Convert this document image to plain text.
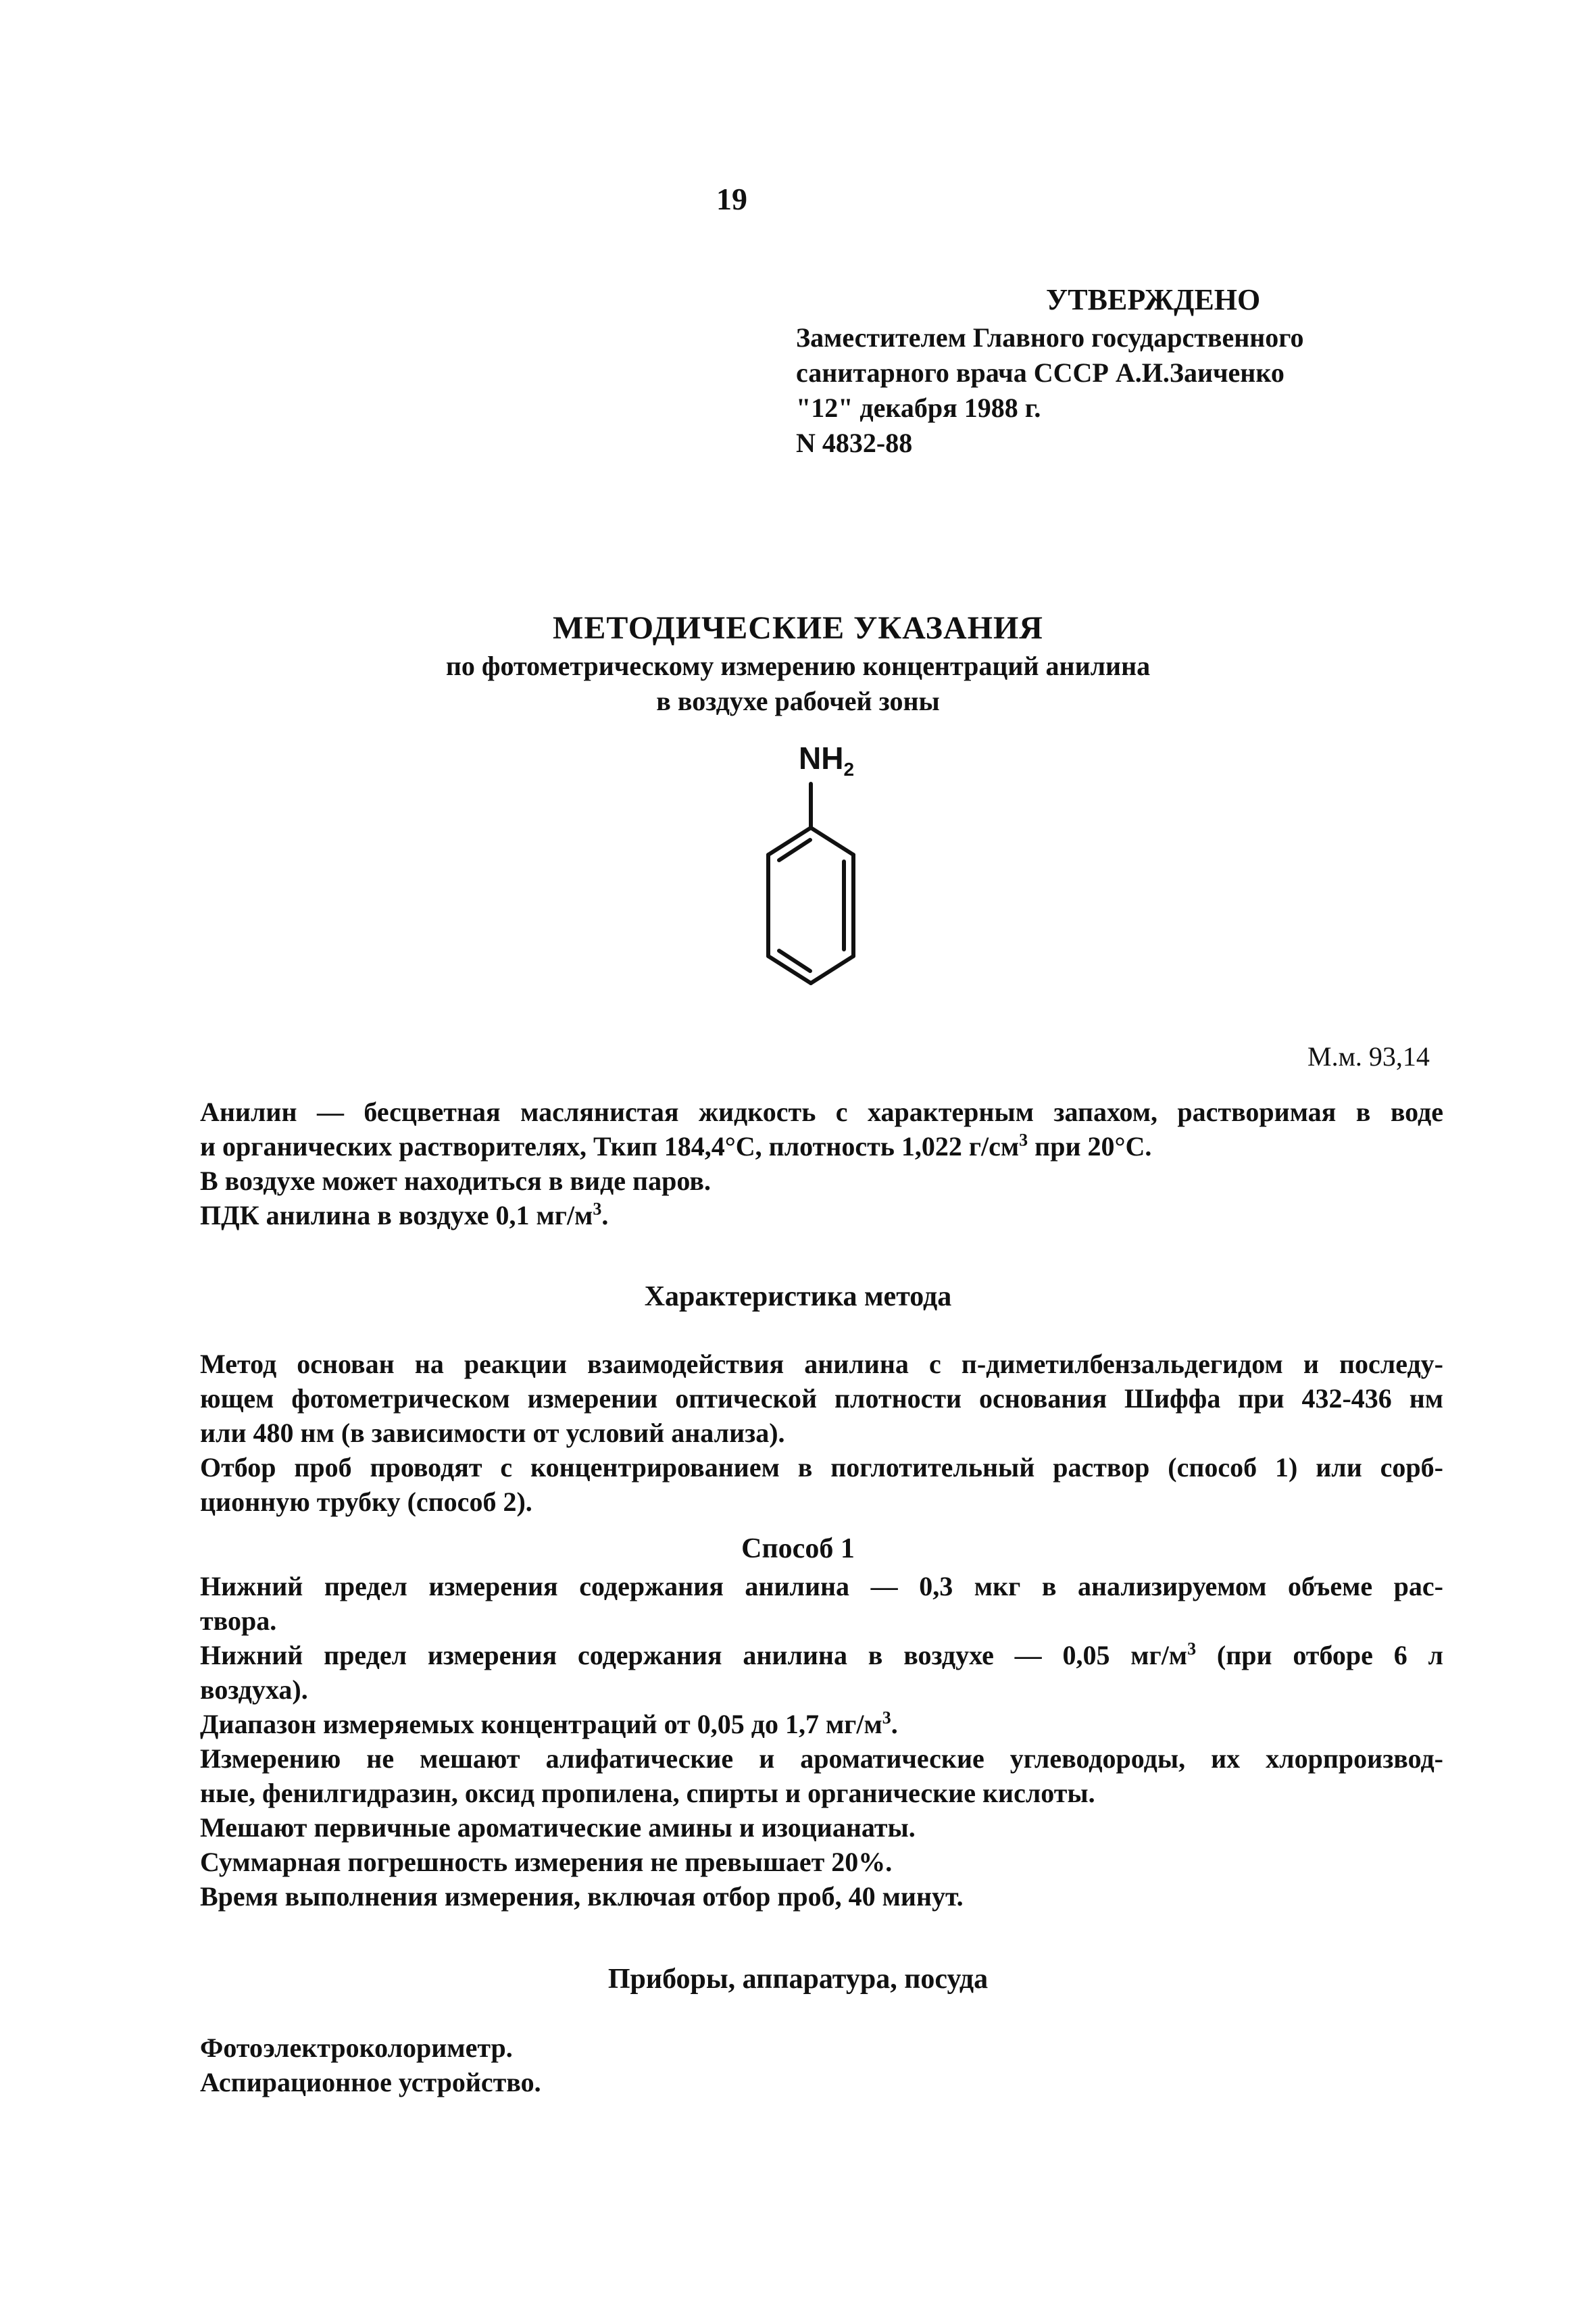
19
УТВЕРЖДЕНО
Заместителем Главного государственного
санитарного врача СССР А.И.Заиченко
"12" декабря 1988 г.
N 4832-88
МЕТОДИЧЕСКИЕ УКАЗАНИЯ
по фотометрическому измерению концентраций анилина
в воздухе рабочей зоны
$NH_2$
М.м. 93,14
Анилин — бесцветная маслянистая жидкость с характерным запахом, растворимая в воде
и органических растворителях, Ткип 184,4°С, плотность 1,022 $г/см^3$ при 20°С.
В воздухе может находиться в виде паров.
ПДК анилина в воздухе 0,1 $мг/м^3$.
Характеристика метода
Метод основан на реакции взаимодействия анилина с п-диметилбензальдегидом и последу-
ющем фотометрическом измерении оптической плотности основания Шиффа при 432-436 нм
или 480 нм (в зависимости от условий анализа).
Отбор проб проводят с концентрированием в поглотительный раствор (способ 1) или сорб-
ционную трубку (способ 2).
Способ 1
Нижний предел измерения содержания анилина — 0,3 мкг в анализируемом объеме рас-
твора.
Нижний предел измерения содержания анилина в воздухе — 0,05 $мг/м^3$ (при отборе 6 л
воздуха).
Диапазон измеряемых концентраций от 0,05 до 1,7 $мг/м^3$.
Измерению не мешают алифатические и ароматические углеводороды, их хлорпроизвод-
ные, фенилгидразин, оксид пропилена, спирты и органические кислоты.
Мешают первичные ароматические амины и изоцианаты.
Суммарная погрешность измерения не превышает 20%.
Время выполнения измерения, включая отбор проб, 40 минут.
Приборы, аппаратура, посуда
Фотоэлектроколориметр.
Аспирационное устройство.
